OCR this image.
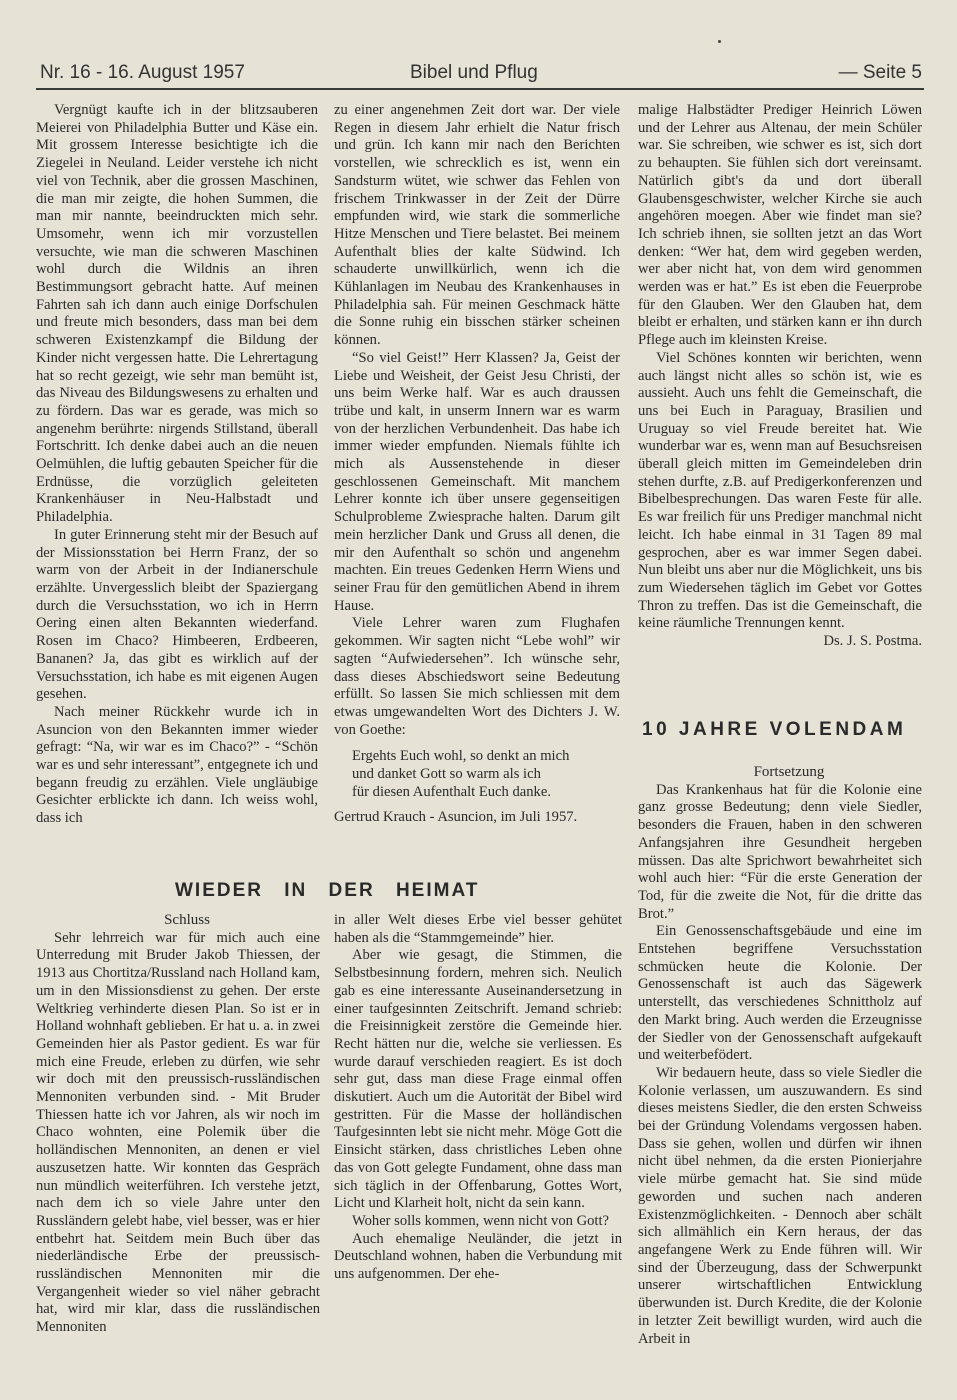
Nr. 16 - 16. August 1957	Bibel und Pflug	— Seite 5

Vergnügt kaufte ich in der blitzsauberen Meierei von Philadelphia Butter und Käse ein. Mit grossem Interesse besichtigte ich die Ziegelei in Neuland. Leider verstehe ich nicht viel von Technik, aber die grossen Maschinen, die man mir zeigte, die hohen Summen, die man mir nannte, beeindruckten mich sehr. Umsomehr, wenn ich mir vorzustellen versuchte, wie man die schweren Maschinen wohl durch die Wildnis an ihren Bestimmungsort gebracht hatte. Auf meinen Fahrten sah ich dann auch einige Dorfschulen und freute mich besonders, dass man bei dem schweren Existenzkampf die Bildung der Kinder nicht vergessen hatte. Die Lehrertagung hat so recht gezeigt, wie sehr man bemüht ist, das Niveau des Bildungswesens zu erhalten und zu fördern. Das war es gerade, was mich so angenehm berührte: nirgends Stillstand, überall Fortschritt. Ich denke dabei auch an die neuen Oelmühlen, die luftig gebauten Speicher für die Erdnüsse, die vorzüglich geleiteten Krankenhäuser in Neu-Halbstadt und Philadelphia.

In guter Erinnerung steht mir der Besuch auf der Missionsstation bei Herrn Franz, der so warm von der Arbeit in der Indianerschule erzählte. Unvergesslich bleibt der Spaziergang durch die Versuchsstation, wo ich in Herrn Oering einen alten Bekannten wiederfand. Rosen im Chaco? Himbeeren, Erdbeeren, Bananen? Ja, das gibt es wirklich auf der Versuchsstation, ich habe es mit eigenen Augen gesehen.

Nach meiner Rückkehr wurde ich in Asuncion von den Bekannten immer wieder gefragt: “Na, wir war es im Chaco?” - “Schön war es und sehr interessant”, entgegnete ich und begann freudig zu erzählen. Viele ungläubige Gesichter erblickte ich dann. Ich weiss wohl, dass ich

zu einer angenehmen Zeit dort war. Der viele Regen in diesem Jahr erhielt die Natur frisch und grün. Ich kann mir nach den Berichten vorstellen, wie schrecklich es ist, wenn ein Sandsturm wütet, wie schwer das Fehlen von frischem Trinkwasser in der Zeit der Dürre empfunden wird, wie stark die sommerliche Hitze Menschen und Tiere belastet. Bei meinem Aufenthalt blies der kalte Südwind. Ich schauderte unwillkürlich, wenn ich die Kühlanlagen im Neubau des Krankenhauses in Philadelphia sah. Für meinen Geschmack hätte die Sonne ruhig ein bisschen stärker scheinen können.

“So viel Geist!” Herr Klassen? Ja, Geist der Liebe und Weisheit, der Geist Jesu Christi, der uns beim Werke half. War es auch draussen trübe und kalt, in unserm Innern war es warm von der herzlichen Verbundenheit. Das habe ich immer wieder empfunden. Niemals fühlte ich mich als Aussenstehende in dieser geschlossenen Gemeinschaft. Mit manchem Lehrer konnte ich über unsere gegenseitigen Schulprobleme Zwiesprache halten. Darum gilt mein herzlicher Dank und Gruss all denen, die mir den Aufenthalt so schön und angenehm machten. Ein treues Gedenken Herrn Wiens und seiner Frau für den gemütlichen Abend in ihrem Hause.

Viele Lehrer waren zum Flughafen gekommen. Wir sagten nicht “Lebe wohl” wir sagten “Aufwiedersehen”. Ich wünsche sehr, dass dieses Abschiedswort seine Bedeutung erfüllt. So lassen Sie mich schliessen mit dem etwas umgewandelten Wort des Dichters J. W. von Goethe:

Ergehts Euch wohl, so denkt an mich
und danket Gott so warm als ich
für diesen Aufenthalt Euch danke.

Gertrud Krauch - Asuncion, im Juli 1957.

malige Halbstädter Prediger Heinrich Löwen und der Lehrer aus Altenau, der mein Schüler war. Sie schreiben, wie schwer es ist, sich dort zu behaupten. Sie fühlen sich dort vereinsamt. Natürlich gibt's da und dort überall Glaubensgeschwister, welcher Kirche sie auch angehören moegen. Aber wie findet man sie? Ich schrieb ihnen, sie sollten jetzt an das Wort denken: “Wer hat, dem wird gegeben werden, wer aber nicht hat, von dem wird genommen werden was er hat.” Es ist eben die Feuerprobe für den Glauben. Wer den Glauben hat, dem bleibt er erhalten, und stärken kann er ihn durch Pflege auch im kleinsten Kreise.

Viel Schönes konnten wir berichten, wenn auch längst nicht alles so schön ist, wie es aussieht. Auch uns fehlt die Gemeinschaft, die uns bei Euch in Paraguay, Brasilien und Uruguay so viel Freude bereitet hat. Wie wunderbar war es, wenn man auf Besuchsreisen überall gleich mitten im Gemeindeleben drin stehen durfte, z.B. auf Predigerkonferenzen und Bibelbesprechungen. Das waren Feste für alle. Es war freilich für uns Prediger manchmal nicht leicht. Ich habe einmal in 31 Tagen 89 mal gesprochen, aber es war immer Segen dabei. Nun bleibt uns aber nur die Möglichkeit, uns bis zum Wiedersehen täglich im Gebet vor Gottes Thron zu treffen. Das ist die Gemeinschaft, die keine räumliche Trennungen kennt.

Ds. J. S. Postma.

10 JAHRE VOLENDAM

Fortsetzung

Das Krankenhaus hat für die Kolonie eine ganz grosse Bedeutung; denn viele Siedler, besonders die Frauen, haben in den schweren Anfangsjahren ihre Gesundheit hergeben müssen. Das alte Sprichwort bewahrheitet sich wohl auch hier: “Für die erste Generation der Tod, für die zweite die Not, für die dritte das Brot.”

Ein Genossenschaftsgebäude und eine im Entstehen begriffene Versuchsstation schmücken heute die Kolonie. Der Genossenschaft ist auch das Sägewerk unterstellt, das verschiedenes Schnittholz auf den Markt bring. Auch werden die Erzeugnisse der Siedler von der Genossenschaft aufgekauft und weiterbefödert.

Wir bedauern heute, dass so viele Siedler die Kolonie verlassen, um auszuwandern. Es sind dieses meistens Siedler, die den ersten Schweiss bei der Gründung Volendams vergossen haben. Dass sie gehen, wollen und dürfen wir ihnen nicht übel nehmen, da die ersten Pionierjahre viele mürbe gemacht hat. Sie sind müde geworden und suchen nach anderen Existenzmöglichkeiten. - Dennoch aber schält sich allmählich ein Kern heraus, der das angefangene Werk zu Ende führen will. Wir sind der Überzeugung, dass der Schwerpunkt unserer wirtschaftlichen Entwicklung überwunden ist. Durch Kredite, die der Kolonie in letzter Zeit bewilligt wurden, wird auch die Arbeit in

WIEDER IN DER HEIMAT

Schluss

Sehr lehrreich war für mich auch eine Unterredung mit Bruder Jakob Thiessen, der 1913 aus Chortitza/Russland nach Holland kam, um in den Missionsdienst zu gehen. Der erste Weltkrieg verhinderte diesen Plan. So ist er in Holland wohnhaft geblieben. Er hat u. a. in zwei Gemeinden hier als Pastor gedient. Es war für mich eine Freude, erleben zu dürfen, wie sehr wir doch mit den preussisch-russländischen Mennoniten verbunden sind. - Mit Bruder Thiessen hatte ich vor Jahren, als wir noch im Chaco wohnten, eine Polemik über die holländischen Mennoniten, an denen er viel auszusetzen hatte. Wir konnten das Gespräch nun mündlich weiterführen. Ich verstehe jetzt, nach dem ich so viele Jahre unter den Russländern gelebt habe, viel besser, was er hier entbehrt hat. Seitdem mein Buch über das niederländische Erbe der preussisch-russländischen Mennoniten mir die Vergangenheit wieder so viel näher gebracht hat, wird mir klar, dass die russländischen Mennoniten

in aller Welt dieses Erbe viel besser gehütet haben als die “Stammgemeinde” hier.

Aber wie gesagt, die Stimmen, die Selbstbesinnung fordern, mehren sich. Neulich gab es eine interessante Auseinandersetzung in einer taufgesinnten Zeitschrift. Jemand schrieb: die Freisinnigkeit zerstöre die Gemeinde hier. Recht hätten nur die, welche sie verliessen. Es wurde darauf verschieden reagiert. Es ist doch sehr gut, dass man diese Frage einmal offen diskutiert. Auch um die Autorität der Bibel wird gestritten. Für die Masse der holländischen Taufgesinnten lebt sie nicht mehr. Möge Gott die Einsicht stärken, dass christliches Leben ohne das von Gott gelegte Fundament, ohne dass man sich täglich in der Offenbarung, Gottes Wort, Licht und Klarheit holt, nicht da sein kann.

Woher solls kommen, wenn nicht von Gott?

Auch ehemalige Neuländer, die jetzt in Deutschland wohnen, haben die Verbundung mit uns aufgenommen. Der ehe-
